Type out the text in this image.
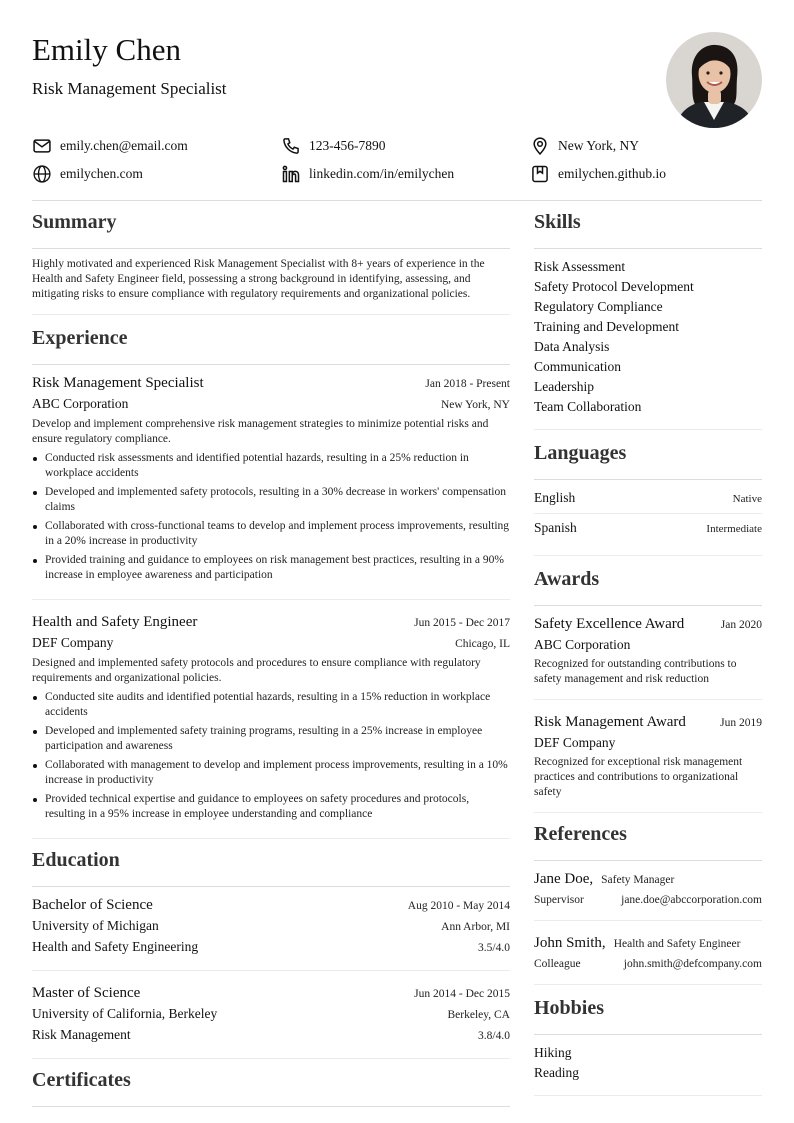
Emily Chen
Risk Management Specialist
emily.chen@email.com	123-456-7890	New York, NY
emilychen.com	linkedin.com/in/emilychen	emilychen.github.io
Summary

Highly motivated and experienced Risk Management Specialist with 8+ years of experience in the Health and Safety Engineer field, possessing a strong background in identifying, assessing, and mitigating risks to ensure compliance with regulatory requirements and organizational policies.

Experience
Risk Management Specialist	Jan 2018 - Present
ABC Corporation	New York, NY

Develop and implement comprehensive risk management strategies to minimize potential risks and ensure regulatory compliance.

Conducted risk assessments and identified potential hazards, resulting in a 25% reduction in workplace accidents
Developed and implemented safety protocols, resulting in a 30% decrease in workers' compensation claims
Collaborated with cross-functional teams to develop and implement process improvements, resulting in a 20% increase in productivity
Provided training and guidance to employees on risk management best practices, resulting in a 90% increase in employee awareness and participation
Health and Safety Engineer	Jun 2015 - Dec 2017
DEF Company	Chicago, IL

Designed and implemented safety protocols and procedures to ensure compliance with regulatory requirements and organizational policies.

Conducted site audits and identified potential hazards, resulting in a 15% reduction in workplace accidents
Developed and implemented safety training programs, resulting in a 25% increase in employee participation and awareness
Collaborated with management to develop and implement process improvements, resulting in a 10% increase in productivity
Provided technical expertise and guidance to employees on safety procedures and protocols, resulting in a 95% increase in employee understanding and compliance
Education
Bachelor of Science	Aug 2010 - May 2014
University of Michigan	Ann Arbor, MI
Health and Safety Engineering	3.5/4.0
Master of Science	Jun 2014 - Dec 2015
University of California, Berkeley	Berkeley, CA
Risk Management	3.8/4.0
Certificates
Skills
Risk Assessment
Safety Protocol Development
Regulatory Compliance
Training and Development
Data Analysis
Communication
Leadership
Team Collaboration
Languages
English	Native
Spanish	Intermediate
Awards
Safety Excellence Award	Jan 2020
ABC Corporation

Recognized for outstanding contributions to safety management and risk reduction

Risk Management Award	Jun 2019
DEF Company

Recognized for exceptional risk management practices and contributions to organizational safety

References
Jane Doe, Safety Manager
Supervisor	jane.doe@abccorporation.com
John Smith, Health and Safety Engineer
Colleague	john.smith@defcompany.com
Hobbies
Hiking
Reading
